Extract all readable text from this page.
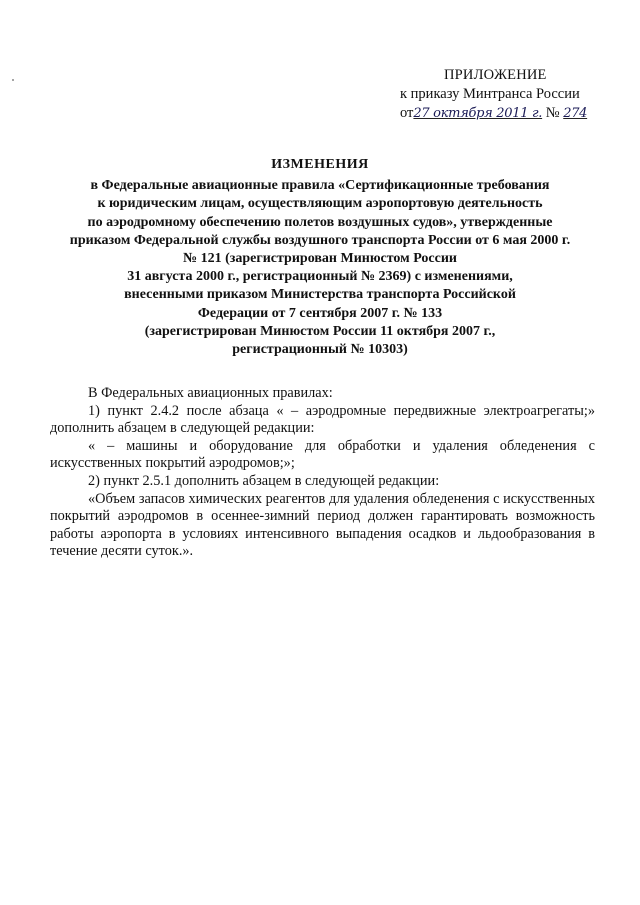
ПРИЛОЖЕНИЕ
к приказу Минтранса России
от27 октября 2011 г. № 274
ИЗМЕНЕНИЯ
в Федеральные авиационные правила «Сертификационные требования
к юридическим лицам, осуществляющим аэропортовую деятельность
по аэродромному обеспечению полетов воздушных судов», утвержденные
приказом Федеральной службы воздушного транспорта России от 6 мая 2000 г.
№ 121 (зарегистрирован Минюстом России
31 августа 2000 г., регистрационный № 2369) с изменениями,
внесенными приказом Министерства транспорта Российской
Федерации от 7 сентября 2007 г. № 133
(зарегистрирован Минюстом России 11 октября 2007 г.,
регистрационный № 10303)

В Федеральных авиационных правилах:

1) пункт 2.4.2 после абзаца « – аэродромные передвижные электроагрегаты;» дополнить абзацем в следующей редакции:

« – машины и оборудование для обработки и удаления обледенения с искусственных покрытий аэродромов;»;

2) пункт 2.5.1 дополнить абзацем в следующей редакции:

«Объем запасов химических реагентов для удаления обледенения с искусственных покрытий аэродромов в осеннее-зимний период должен гарантировать возможность работы аэропорта в условиях интенсивного выпадения осадков и льдообразования в течение десяти суток.».
